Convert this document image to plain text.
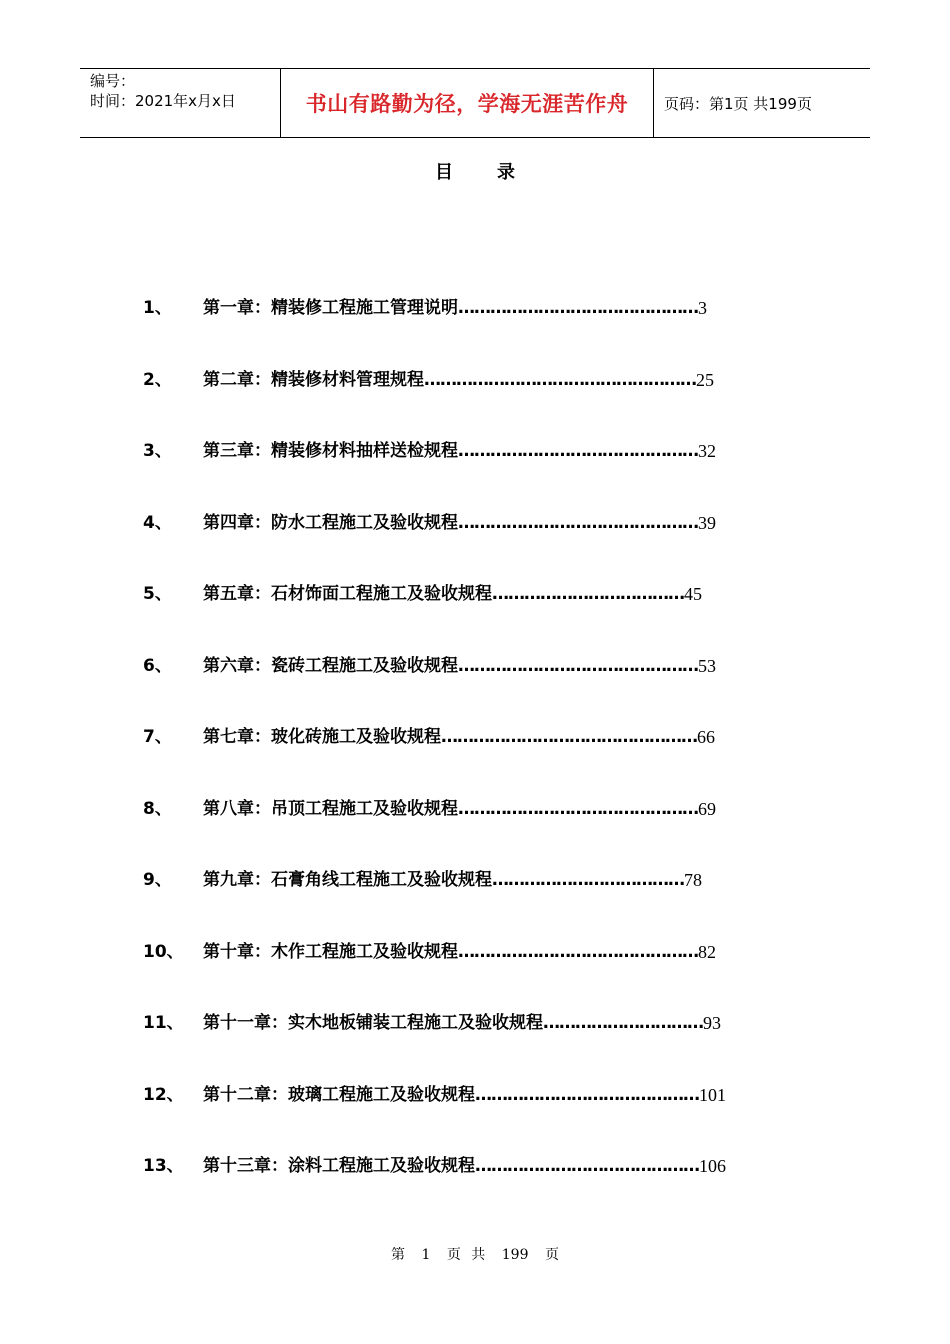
编号：
时间：2021年x月x日	书山有路勤为径，学海无涯苦作舟 页码：第1页 共199页
目录
1、	第一章：精装修工程施工管理说明 ……………………………………… 3
2、	第二章：精装修材料管理规程 …………………………………………… 25
3、	第三章：精装修材料抽样送检规程 ……………………………………… 32
4、	第四章：防水工程施工及验收规程 ……………………………………… 39
5、	第五章：石材饰面工程施工及验收规程 ……………………………… 45
6、	第六章：瓷砖工程施工及验收规程 ……………………………………… 53
7、	第七章：玻化砖施工及验收规程 ………………………………………… 66
8、	第八章：吊顶工程施工及验收规程 ……………………………………… 69
9、	第九章：石膏角线工程施工及验收规程 ……………………………… 78
10、	第十章：木作工程施工及验收规程 ……………………………………… 82
11、	第十一章：实木地板铺装工程施工及验收规程 ………………………… 93
12、	第十二章：玻璃工程施工及验收规程 …………………………………… 101
13、	第十三章：涂料工程施工及验收规程 …………………………………… 106
第 1 页 共 199 页
